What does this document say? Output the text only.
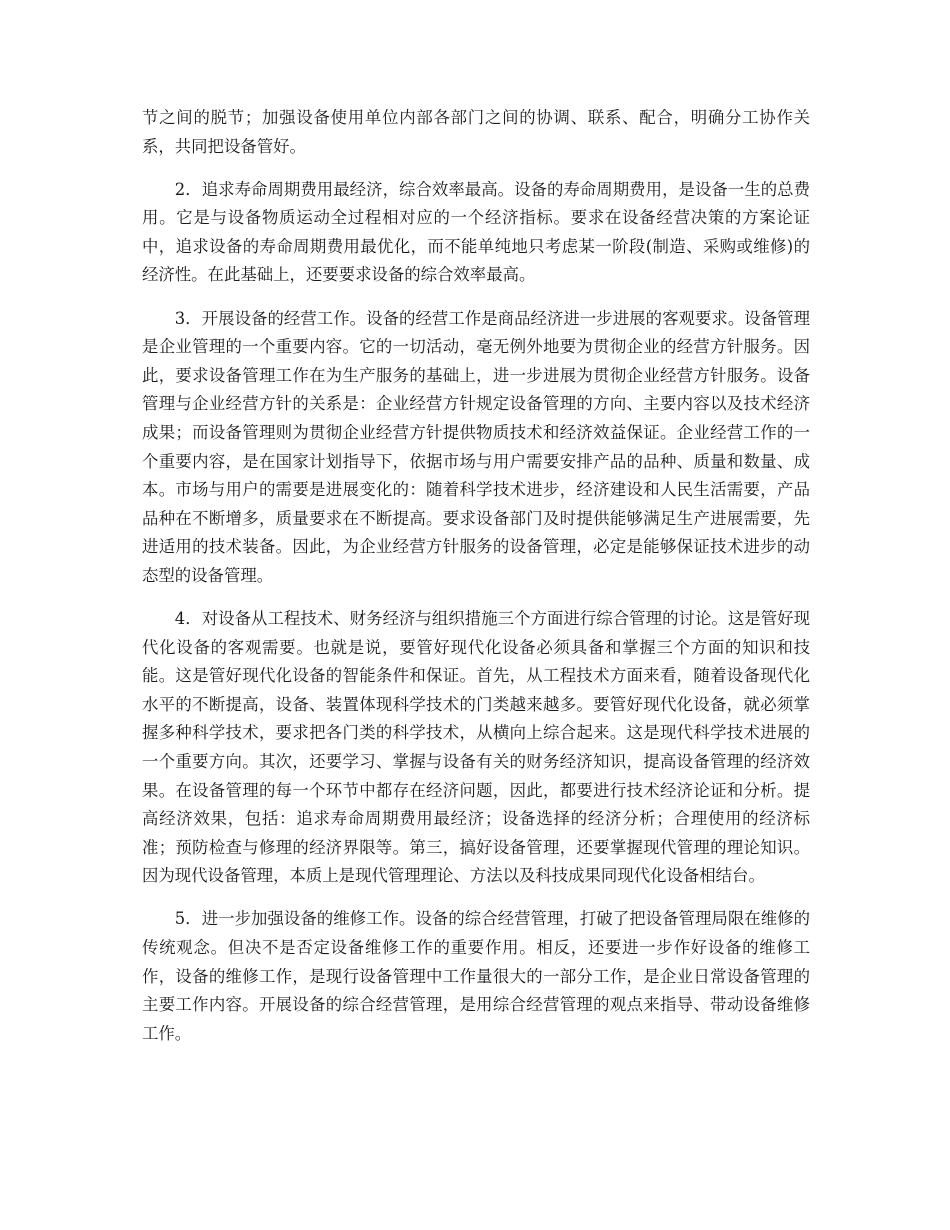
节之间的脱节；加强设备使用单位内部各部门之间的协调、联系、配合，明确分工协作关系，共同把设备管好。

2．追求寿命周期费用最经济，综合效率最高。设备的寿命周期费用，是设备一生的总费用。它是与设备物质运动全过程相对应的一个经济指标。要求在设备经营决策的方案论证中，追求设备的寿命周期费用最优化，而不能单纯地只考虑某一阶段(制造、采购或维修)的经济性。在此基础上，还要要求设备的综合效率最高。

3．开展设备的经营工作。设备的经营工作是商品经济进一步进展的客观要求。设备管理是企业管理的一个重要内容。它的一切活动，毫无例外地要为贯彻企业的经营方针服务。因此，要求设备管理工作在为生产服务的基础上，进一步进展为贯彻企业经营方针服务。设备管理与企业经营方针的关系是：企业经营方针规定设备管理的方向、主要内容以及技术经济成果；而设备管理则为贯彻企业经营方针提供物质技术和经济效益保证。企业经营工作的一个重要内容，是在国家计划指导下，依据市场与用户需要安排产品的品种、质量和数量、成本。市场与用户的需要是进展变化的：随着科学技术进步，经济建设和人民生活需要，产品品种在不断增多，质量要求在不断提高。要求设备部门及时提供能够满足生产进展需要，先进适用的技术装备。因此，为企业经营方针服务的设备管理，必定是能够保证技术进步的动态型的设备管理。

4．对设备从工程技术、财务经济与组织措施三个方面进行综合管理的讨论。这是管好现代化设备的客观需要。也就是说，要管好现代化设备必须具备和掌握三个方面的知识和技能。这是管好现代化设备的智能条件和保证。首先，从工程技术方面来看，随着设备现代化水平的不断提高，设备、装置体现科学技术的门类越来越多。要管好现代化设备，就必须掌握多种科学技术，要求把各门类的科学技术，从横向上综合起来。这是现代科学技术进展的一个重要方向。其次，还要学习、掌握与设备有关的财务经济知识，提高设备管理的经济效果。在设备管理的每一个环节中都存在经济问题，因此，都要进行技术经济论证和分析。提高经济效果，包括：追求寿命周期费用最经济；设备选择的经济分析；合理使用的经济标准；预防检查与修理的经济界限等。第三，搞好设备管理，还要掌握现代管理的理论知识。因为现代设备管理，本质上是现代管理理论、方法以及科技成果同现代化设备相结台。

5．进一步加强设备的维修工作。设备的综合经营管理，打破了把设备管理局限在维修的传统观念。但决不是否定设备维修工作的重要作用。相反，还要进一步作好设备的维修工作，设备的维修工作，是现行设备管理中工作量很大的一部分工作，是企业日常设备管理的主要工作内容。开展设备的综合经营管理，是用综合经营管理的观点来指导、带动设备维修工作。
